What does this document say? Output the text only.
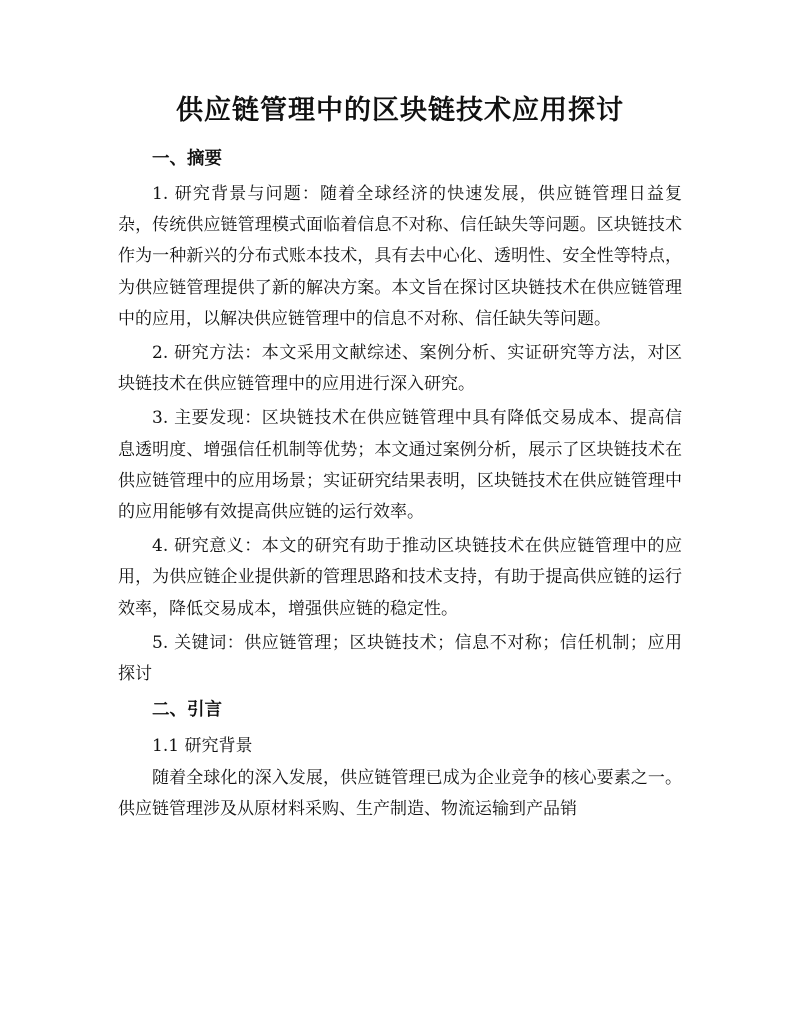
供应链管理中的区块链技术应用探讨
一、摘要

1. 研究背景与问题：随着全球经济的快速发展，供应链管理日益复杂，传统供应链管理模式面临着信息不对称、信任缺失等问题。区块链技术作为一种新兴的分布式账本技术，具有去中心化、透明性、安全性等特点，为供应链管理提供了新的解决方案。本文旨在探讨区块链技术在供应链管理中的应用，以解决供应链管理中的信息不对称、信任缺失等问题。

2. 研究方法：本文采用文献综述、案例分析、实证研究等方法，对区块链技术在供应链管理中的应用进行深入研究。

3. 主要发现：区块链技术在供应链管理中具有降低交易成本、提高信息透明度、增强信任机制等优势；本文通过案例分析，展示了区块链技术在供应链管理中的应用场景；实证研究结果表明，区块链技术在供应链管理中的应用能够有效提高供应链的运行效率。

4. 研究意义：本文的研究有助于推动区块链技术在供应链管理中的应用，为供应链企业提供新的管理思路和技术支持，有助于提高供应链的运行效率，降低交易成本，增强供应链的稳定性。

5. 关键词：供应链管理；区块链技术；信息不对称；信任机制；应用探讨

二、引言

1.1 研究背景

随着全球化的深入发展，供应链管理已成为企业竞争的核心要素之一。供应链管理涉及从原材料采购、生产制造、物流运输到产品销
